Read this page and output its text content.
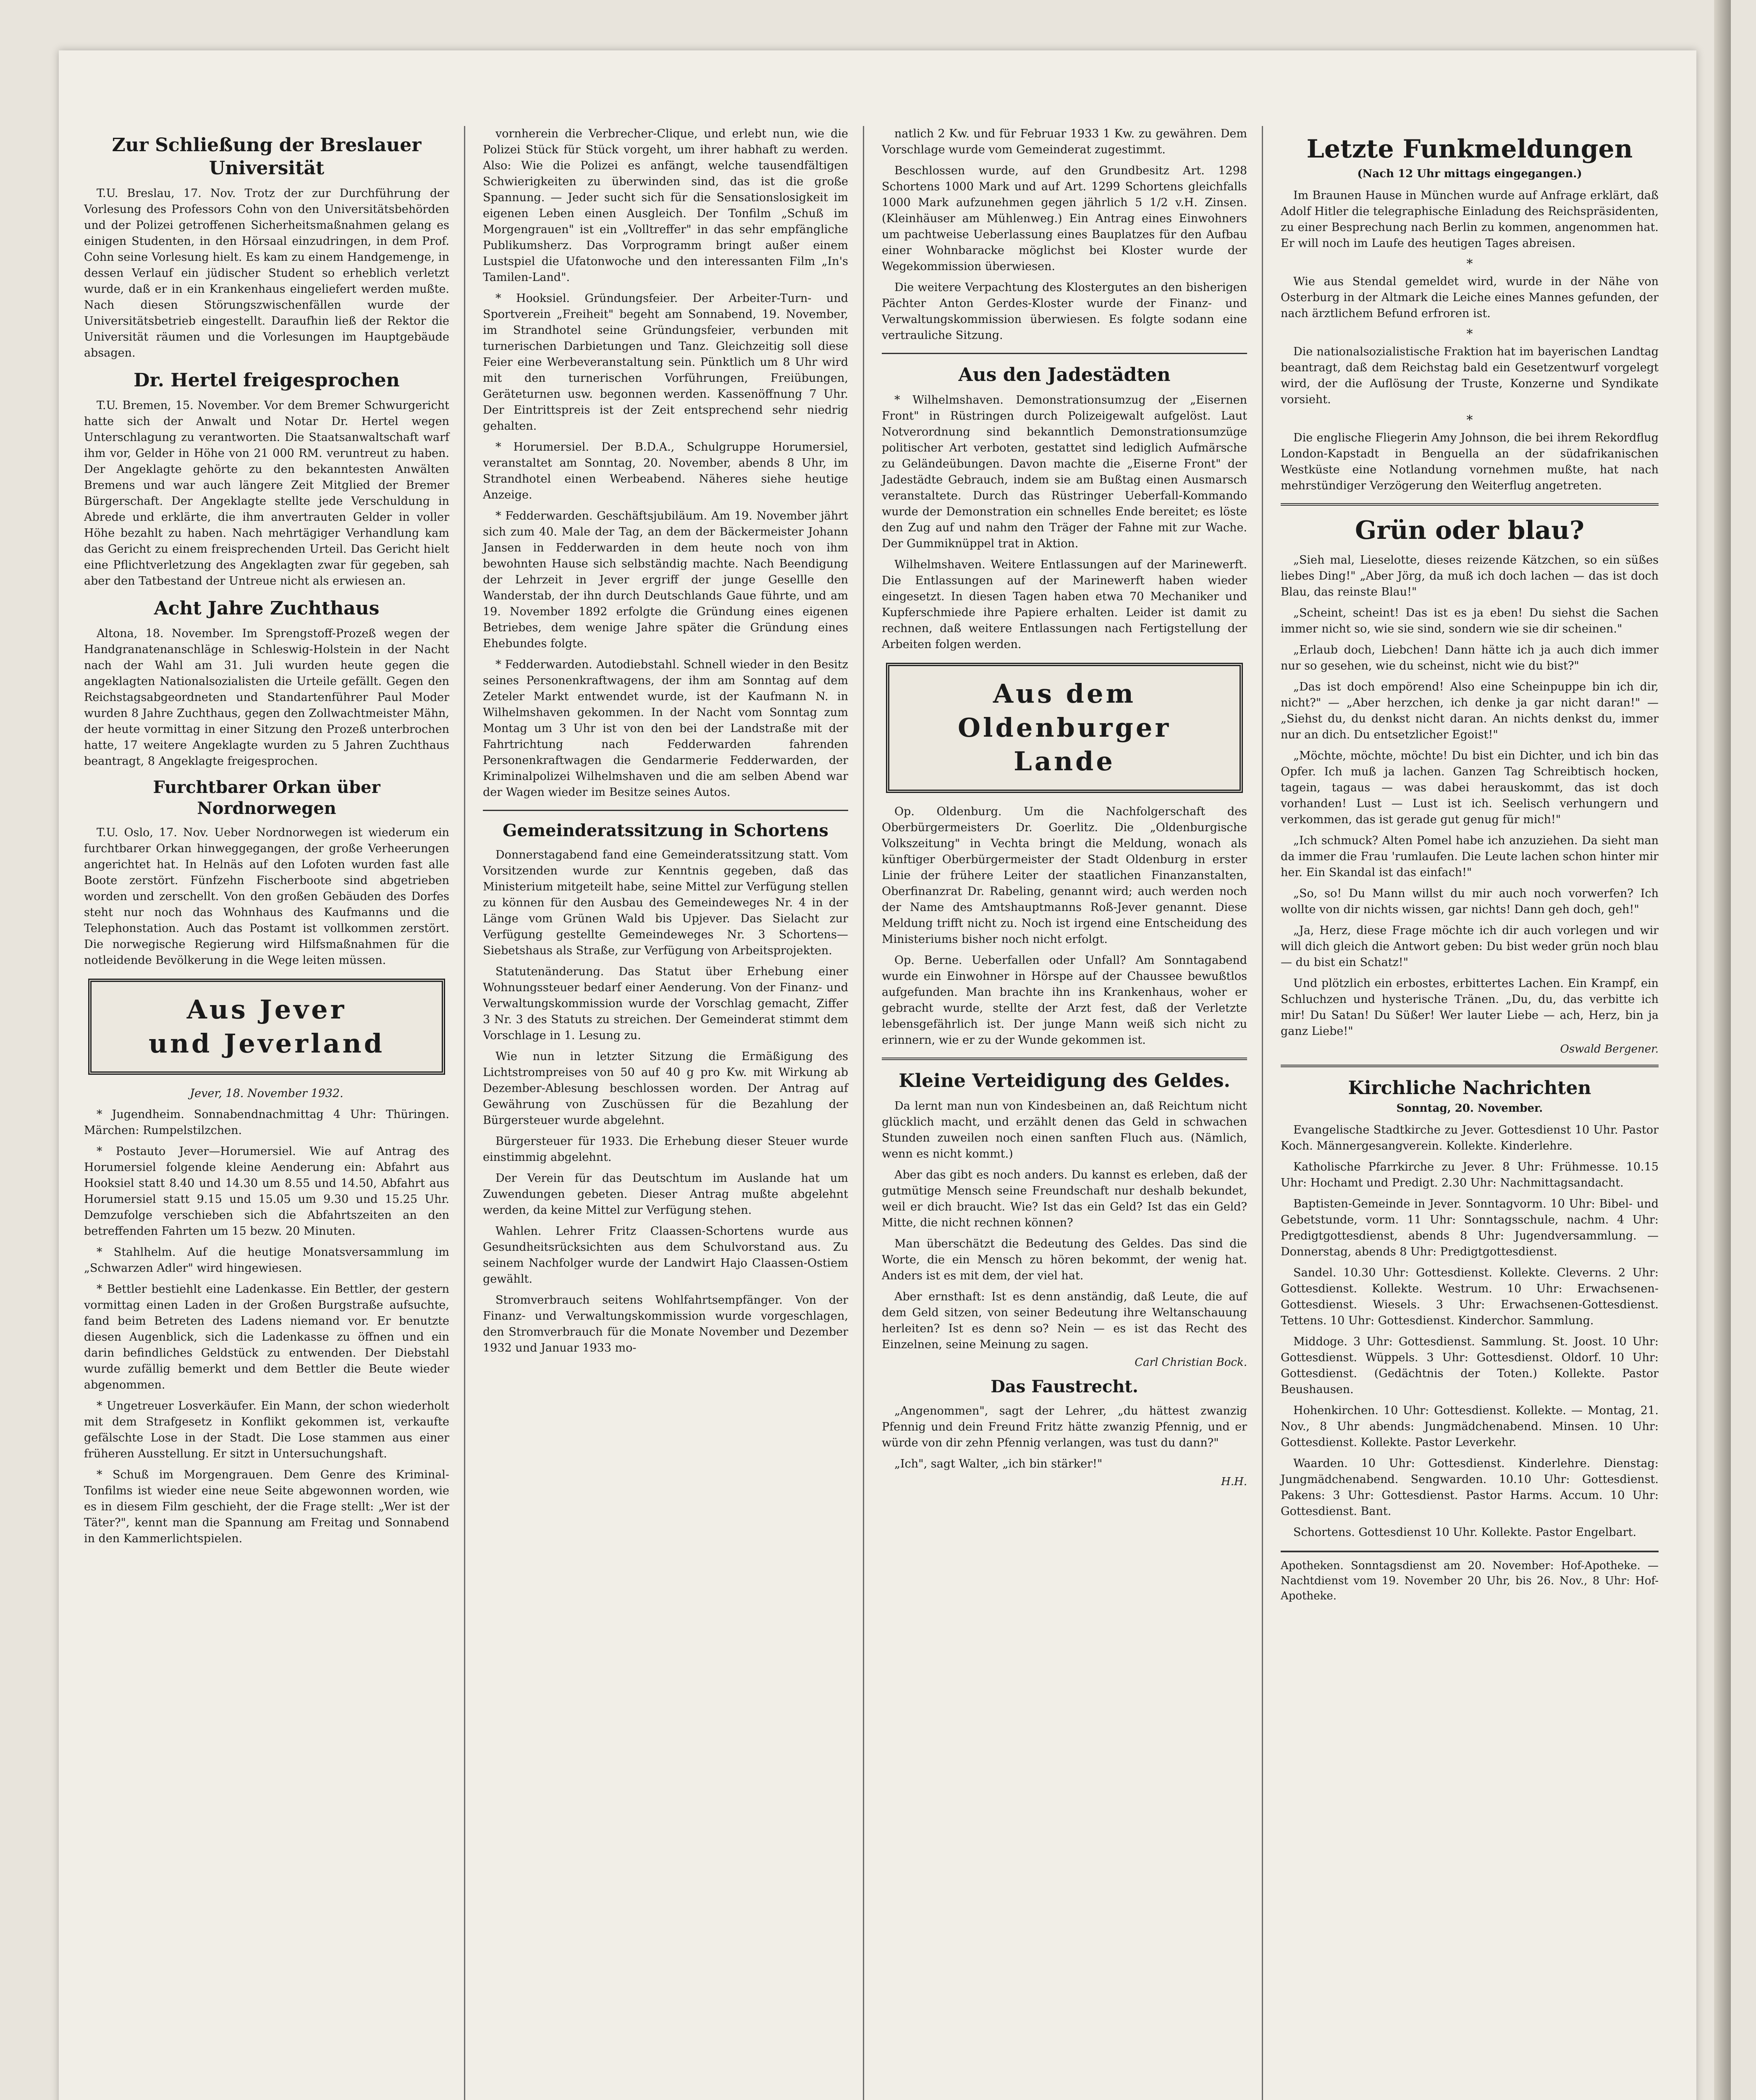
Zur Schließung der Breslauer Universität

T.U. Breslau, 17. Nov. Trotz der zur Durchführung der Vorlesung des Professors Cohn von den Universitätsbehörden und der Polizei getroffenen Sicherheitsmaßnahmen gelang es einigen Studenten, in den Hörsaal einzudringen, in dem Prof. Cohn seine Vorlesung hielt. Es kam zu einem Handgemenge, in dessen Verlauf ein jüdischer Student so erheblich verletzt wurde, daß er in ein Krankenhaus eingeliefert werden mußte. Nach diesen Störungszwischenfällen wurde der Universitätsbetrieb eingestellt. Daraufhin ließ der Rektor die Universität räumen und die Vorlesungen im Hauptgebäude absagen.

Dr. Hertel freigesprochen

T.U. Bremen, 15. November. Vor dem Bremer Schwurgericht hatte sich der Anwalt und Notar Dr. Hertel wegen Unterschlagung zu verantworten. Die Staatsanwaltschaft warf ihm vor, Gelder in Höhe von 21 000 RM. veruntreut zu haben. Der Angeklagte gehörte zu den bekanntesten Anwälten Bremens und war auch längere Zeit Mitglied der Bremer Bürgerschaft. Der Angeklagte stellte jede Verschuldung in Abrede und erklärte, die ihm anvertrauten Gelder in voller Höhe bezahlt zu haben. Nach mehrtägiger Verhandlung kam das Gericht zu einem freisprechenden Urteil. Das Gericht hielt eine Pflichtverletzung des Angeklagten zwar für gegeben, sah aber den Tatbestand der Untreue nicht als erwiesen an.

Acht Jahre Zuchthaus

Altona, 18. November. Im Sprengstoff-Prozeß wegen der Handgranatenanschläge in Schleswig-Holstein in der Nacht nach der Wahl am 31. Juli wurden heute gegen die angeklagten Nationalsozialisten die Urteile gefällt. Gegen den Reichstagsabgeordneten und Standartenführer Paul Moder wurden 8 Jahre Zuchthaus, gegen den Zollwachtmeister Mähn, der heute vormittag in einer Sitzung den Prozeß unterbrochen hatte, 17 weitere Angeklagte wurden zu 5 Jahren Zuchthaus beantragt, 8 Angeklagte freigesprochen.

Furchtbarer Orkan über Nordnorwegen

T.U. Oslo, 17. Nov. Ueber Nordnorwegen ist wiederum ein furchtbarer Orkan hinweggegangen, der große Verheerungen angerichtet hat. In Helnäs auf den Lofoten wurden fast alle Boote zerstört. Fünfzehn Fischerboote sind abgetrieben worden und zerschellt. Von den großen Gebäuden des Dorfes steht nur noch das Wohnhaus des Kaufmanns und die Telephonstation. Auch das Postamt ist vollkommen zerstört. Die norwegische Regierung wird Hilfsmaßnahmen für die notleidende Bevölkerung in die Wege leiten müssen.

Aus Jever
und Jeverland

Jever, 18. November 1932.

* Jugendheim. Sonnabendnachmittag 4 Uhr: Thüringen. Märchen: Rumpelstilzchen.

* Postauto Jever—Horumersiel. Wie auf Antrag des Horumersiel folgende kleine Aenderung ein: Abfahrt aus Hooksiel statt 8.40 und 14.30 um 8.55 und 14.50, Abfahrt aus Horumersiel statt 9.15 und 15.05 um 9.30 und 15.25 Uhr. Demzufolge verschieben sich die Abfahrtszeiten an den betreffenden Fahrten um 15 bezw. 20 Minuten.

* Stahlhelm. Auf die heutige Monatsversammlung im „Schwarzen Adler" wird hingewiesen.

* Bettler bestiehlt eine Ladenkasse. Ein Bettler, der gestern vormittag einen Laden in der Großen Burgstraße aufsuchte, fand beim Betreten des Ladens niemand vor. Er benutzte diesen Augenblick, sich die Ladenkasse zu öffnen und ein darin befindliches Geldstück zu entwenden. Der Diebstahl wurde zufällig bemerkt und dem Bettler die Beute wieder abgenommen.

* Ungetreuer Losverkäufer. Ein Mann, der schon wiederholt mit dem Strafgesetz in Konflikt gekommen ist, verkaufte gefälschte Lose in der Stadt. Die Lose stammen aus einer früheren Ausstellung. Er sitzt in Untersuchungshaft.

* Schuß im Morgengrauen. Dem Genre des Kriminal-Tonfilms ist wieder eine neue Seite abgewonnen worden, wie es in diesem Film geschieht, der die Frage stellt: „Wer ist der Täter?", kennt man die Spannung am Freitag und Sonnabend in den Kammerlichtspielen.

vornherein die Verbrecher-Clique, und erlebt nun, wie die Polizei Stück für Stück vorgeht, um ihrer habhaft zu werden. Also: Wie die Polizei es anfängt, welche tausendfältigen Schwierigkeiten zu überwinden sind, das ist die große Spannung. — Jeder sucht sich für die Sensationslosigkeit im eigenen Leben einen Ausgleich. Der Tonfilm „Schuß im Morgengrauen" ist ein „Volltreffer" in das sehr empfängliche Publikumsherz. Das Vorprogramm bringt außer einem Lustspiel die Ufatonwoche und den interessanten Film „In's Tamilen-Land".

* Hooksiel. Gründungsfeier. Der Arbeiter-Turn- und Sportverein „Freiheit" begeht am Sonnabend, 19. November, im Strandhotel seine Gründungsfeier, verbunden mit turnerischen Darbietungen und Tanz. Gleichzeitig soll diese Feier eine Werbeveranstaltung sein. Pünktlich um 8 Uhr wird mit den turnerischen Vorführungen, Freiübungen, Geräteturnen usw. begonnen werden. Kassenöffnung 7 Uhr. Der Eintrittspreis ist der Zeit entsprechend sehr niedrig gehalten.

* Horumersiel. Der B.D.A., Schulgruppe Horumersiel, veranstaltet am Sonntag, 20. November, abends 8 Uhr, im Strandhotel einen Werbeabend. Näheres siehe heutige Anzeige.

* Fedderwarden. Geschäftsjubiläum. Am 19. November jährt sich zum 40. Male der Tag, an dem der Bäckermeister Johann Jansen in Fedderwarden in dem heute noch von ihm bewohnten Hause sich selbständig machte. Nach Beendigung der Lehrzeit in Jever ergriff der junge Gesellle den Wanderstab, der ihn durch Deutschlands Gaue führte, und am 19. November 1892 erfolgte die Gründung eines eigenen Betriebes, dem wenige Jahre später die Gründung eines Ehebundes folgte.

* Fedderwarden. Autodiebstahl. Schnell wieder in den Besitz seines Personenkraftwagens, der ihm am Sonntag auf dem Zeteler Markt entwendet wurde, ist der Kaufmann N. in Wilhelmshaven gekommen. In der Nacht vom Sonntag zum Montag um 3 Uhr ist von den bei der Landstraße mit der Fahrtrichtung nach Fedderwarden fahrenden Personenkraftwagen die Gendarmerie Fedderwarden, der Kriminalpolizei Wilhelmshaven und die am selben Abend war der Wagen wieder im Besitze seines Autos.

Gemeinderatssitzung in Schortens

Donnerstagabend fand eine Gemeinderatssitzung statt. Vom Vorsitzenden wurde zur Kenntnis gegeben, daß das Ministerium mitgeteilt habe, seine Mittel zur Verfügung stellen zu können für den Ausbau des Gemeindeweges Nr. 4 in der Länge vom Grünen Wald bis Upjever. Das Sielacht zur Verfügung gestellte Gemeindeweges Nr. 3 Schortens—Siebetshaus als Straße, zur Verfügung von Arbeitsprojekten.

Statutenänderung. Das Statut über Erhebung einer Wohnungssteuer bedarf einer Aenderung. Von der Finanz- und Verwaltungskommission wurde der Vorschlag gemacht, Ziffer 3 Nr. 3 des Statuts zu streichen. Der Gemeinderat stimmt dem Vorschlage in 1. Lesung zu.

Wie nun in letzter Sitzung die Ermäßigung des Lichtstrompreises von 50 auf 40 g pro Kw. mit Wirkung ab Dezember-Ablesung beschlossen worden. Der Antrag auf Gewährung von Zuschüssen für die Bezahlung der Bürgersteuer wurde abgelehnt.

Bürgersteuer für 1933. Die Erhebung dieser Steuer wurde einstimmig abgelehnt.

Der Verein für das Deutschtum im Auslande hat um Zuwendungen gebeten. Dieser Antrag mußte abgelehnt werden, da keine Mittel zur Verfügung stehen.

Wahlen. Lehrer Fritz Claassen-Schortens wurde aus Gesundheitsrücksichten aus dem Schulvorstand aus. Zu seinem Nachfolger wurde der Landwirt Hajo Claassen-Ostiem gewählt.

Stromverbrauch seitens Wohlfahrtsempfänger. Von der Finanz- und Verwaltungskommission wurde vorgeschlagen, den Stromverbrauch für die Monate November und Dezember 1932 und Januar 1933 mo-

natlich 2 Kw. und für Februar 1933 1 Kw. zu gewähren. Dem Vorschlage wurde vom Gemeinderat zugestimmt.

Beschlossen wurde, auf den Grundbesitz Art. 1298 Schortens 1000 Mark und auf Art. 1299 Schortens gleichfalls 1000 Mark aufzunehmen gegen jährlich 5 1/2 v.H. Zinsen. (Kleinhäuser am Mühlenweg.) Ein Antrag eines Einwohners um pachtweise Ueberlassung eines Bauplatzes für den Aufbau einer Wohnbaracke möglichst bei Kloster wurde der Wegekommission überwiesen.

Die weitere Verpachtung des Klostergutes an den bisherigen Pächter Anton Gerdes-Kloster wurde der Finanz- und Verwaltungskommission überwiesen. Es folgte sodann eine vertrauliche Sitzung.

Aus den Jadestädten

* Wilhelmshaven. Demonstrationsumzug der „Eisernen Front" in Rüstringen durch Polizeigewalt aufgelöst. Laut Notverordnung sind bekanntlich Demonstrationsumzüge politischer Art verboten, gestattet sind lediglich Aufmärsche zu Geländeübungen. Davon machte die „Eiserne Front" der Jadestädte Gebrauch, indem sie am Bußtag einen Ausmarsch veranstaltete. Durch das Rüstringer Ueberfall-Kommando wurde der Demonstration ein schnelles Ende bereitet; es löste den Zug auf und nahm den Träger der Fahne mit zur Wache. Der Gummiknüppel trat in Aktion.

Wilhelmshaven. Weitere Entlassungen auf der Marinewerft. Die Entlassungen auf der Marinewerft haben wieder eingesetzt. In diesen Tagen haben etwa 70 Mechaniker und Kupferschmiede ihre Papiere erhalten. Leider ist damit zu rechnen, daß weitere Entlassungen nach Fertigstellung der Arbeiten folgen werden.

Aus dem Oldenburger
Lande

Op. Oldenburg. Um die Nachfolgerschaft des Oberbürgermeisters Dr. Goerlitz. Die „Oldenburgische Volkszeitung" in Vechta bringt die Meldung, wonach als künftiger Oberbürgermeister der Stadt Oldenburg in erster Linie der frühere Leiter der staatlichen Finanzanstalten, Oberfinanzrat Dr. Rabeling, genannt wird; auch werden noch der Name des Amtshauptmanns Roß-Jever genannt. Diese Meldung trifft nicht zu. Noch ist irgend eine Entscheidung des Ministeriums bisher noch nicht erfolgt.

Op. Berne. Ueberfallen oder Unfall? Am Sonntagabend wurde ein Einwohner in Hörspe auf der Chaussee bewußtlos aufgefunden. Man brachte ihn ins Krankenhaus, woher er gebracht wurde, stellte der Arzt fest, daß der Verletzte lebensgefährlich ist. Der junge Mann weiß sich nicht zu erinnern, wie er zu der Wunde gekommen ist.

Kleine Verteidigung des Geldes.

Da lernt man nun von Kindesbeinen an, daß Reichtum nicht glücklich macht, und erzählt denen das Geld in schwachen Stunden zuweilen noch einen sanften Fluch aus. (Nämlich, wenn es nicht kommt.)

Aber das gibt es noch anders. Du kannst es erleben, daß der gutmütige Mensch seine Freundschaft nur deshalb bekundet, weil er dich braucht. Wie? Ist das ein Geld? Ist das ein Geld? Mitte, die nicht rechnen können?

Man überschätzt die Bedeutung des Geldes. Das sind die Worte, die ein Mensch zu hören bekommt, der wenig hat. Anders ist es mit dem, der viel hat.

Aber ernsthaft: Ist es denn anständig, daß Leute, die auf dem Geld sitzen, von seiner Bedeutung ihre Weltanschauung herleiten? Ist es denn so? Nein — es ist das Recht des Einzelnen, seine Meinung zu sagen.

Carl Christian Bock.
Das Faustrecht.

„Angenommen", sagt der Lehrer, „du hättest zwanzig Pfennig und dein Freund Fritz hätte zwanzig Pfennig, und er würde von dir zehn Pfennig verlangen, was tust du dann?"

„Ich", sagt Walter, „ich bin stärker!"

H.H.
Letzte Funkmeldungen
(Nach 12 Uhr mittags eingegangen.)

Im Braunen Hause in München wurde auf Anfrage erklärt, daß Adolf Hitler die telegraphische Einladung des Reichspräsidenten, zu einer Besprechung nach Berlin zu kommen, angenommen hat. Er will noch im Laufe des heutigen Tages abreisen.

*

Wie aus Stendal gemeldet wird, wurde in der Nähe von Osterburg in der Altmark die Leiche eines Mannes gefunden, der nach ärztlichem Befund erfroren ist.

*

Die nationalsozialistische Fraktion hat im bayerischen Landtag beantragt, daß dem Reichstag bald ein Gesetzentwurf vorgelegt wird, der die Auflösung der Truste, Konzerne und Syndikate vorsieht.

*

Die englische Fliegerin Amy Johnson, die bei ihrem Rekordflug London-Kapstadt in Benguella an der südafrikanischen Westküste eine Notlandung vornehmen mußte, hat nach mehrstündiger Verzögerung den Weiterflug angetreten.

Grün oder blau?

„Sieh mal, Lieselotte, dieses reizende Kätzchen, so ein süßes liebes Ding!" „Aber Jörg, da muß ich doch lachen — das ist doch Blau, das reinste Blau!"

„Scheint, scheint! Das ist es ja eben! Du siehst die Sachen immer nicht so, wie sie sind, sondern wie sie dir scheinen."

„Erlaub doch, Liebchen! Dann hätte ich ja auch dich immer nur so gesehen, wie du scheinst, nicht wie du bist?"

„Das ist doch empörend! Also eine Scheinpuppe bin ich dir, nicht?" — „Aber herzchen, ich denke ja gar nicht daran!" — „Siehst du, du denkst nicht daran. An nichts denkst du, immer nur an dich. Du entsetzlicher Egoist!"

„Möchte, möchte, möchte! Du bist ein Dichter, und ich bin das Opfer. Ich muß ja lachen. Ganzen Tag Schreibtisch hocken, tagein, tagaus — was dabei herauskommt, das ist doch vorhanden! Lust — Lust ist ich. Seelisch verhungern und verkommen, das ist gerade gut genug für mich!"

„Ich schmuck? Alten Pomel habe ich anzuziehen. Da sieht man da immer die Frau 'rumlaufen. Die Leute lachen schon hinter mir her. Ein Skandal ist das einfach!"

„So, so! Du Mann willst du mir auch noch vorwerfen? Ich wollte von dir nichts wissen, gar nichts! Dann geh doch, geh!"

„Ja, Herz, diese Frage möchte ich dir auch vorlegen und wir will dich gleich die Antwort geben: Du bist weder grün noch blau — du bist ein Schatz!"

Und plötzlich ein erbostes, erbittertes Lachen. Ein Krampf, ein Schluchzen und hysterische Tränen. „Du, du, das verbitte ich mir! Du Satan! Du Süßer! Wer lauter Liebe — ach, Herz, bin ja ganz Liebe!"

Oswald Bergener.
Kirchliche Nachrichten
Sonntag, 20. November.

Evangelische Stadtkirche zu Jever. Gottesdienst 10 Uhr. Pastor Koch. Männergesangverein. Kollekte. Kinderlehre.

Katholische Pfarrkirche zu Jever. 8 Uhr: Frühmesse. 10.15 Uhr: Hochamt und Predigt. 2.30 Uhr: Nachmittagsandacht.

Baptisten-Gemeinde in Jever. Sonntagvorm. 10 Uhr: Bibel- und Gebetstunde, vorm. 11 Uhr: Sonntagsschule, nachm. 4 Uhr: Predigtgottesdienst, abends 8 Uhr: Jugendversammlung. — Donnerstag, abends 8 Uhr: Predigtgottesdienst.

Sandel. 10.30 Uhr: Gottesdienst. Kollekte. Cleverns. 2 Uhr: Gottesdienst. Kollekte. Westrum. 10 Uhr: Erwachsenen-Gottesdienst. Wiesels. 3 Uhr: Erwachsenen-Gottesdienst. Tettens. 10 Uhr: Gottesdienst. Kinderchor. Sammlung.

Middoge. 3 Uhr: Gottesdienst. Sammlung. St. Joost. 10 Uhr: Gottesdienst. Wüppels. 3 Uhr: Gottesdienst. Oldorf. 10 Uhr: Gottesdienst. (Gedächtnis der Toten.) Kollekte. Pastor Beushausen.

Hohenkirchen. 10 Uhr: Gottesdienst. Kollekte. — Montag, 21. Nov., 8 Uhr abends: Jungmädchenabend. Minsen. 10 Uhr: Gottesdienst. Kollekte. Pastor Leverkehr.

Waarden. 10 Uhr: Gottesdienst. Kinderlehre. Dienstag: Jungmädchenabend. Sengwarden. 10.10 Uhr: Gottesdienst. Pakens: 3 Uhr: Gottesdienst. Pastor Harms. Accum. 10 Uhr: Gottesdienst. Bant.

Schortens. Gottesdienst 10 Uhr. Kollekte. Pastor Engelbart.

Apotheken. Sonntagsdienst am 20. November: Hof-Apotheke. — Nachtdienst vom 19. November 20 Uhr, bis 26. Nov., 8 Uhr: Hof-Apotheke.
